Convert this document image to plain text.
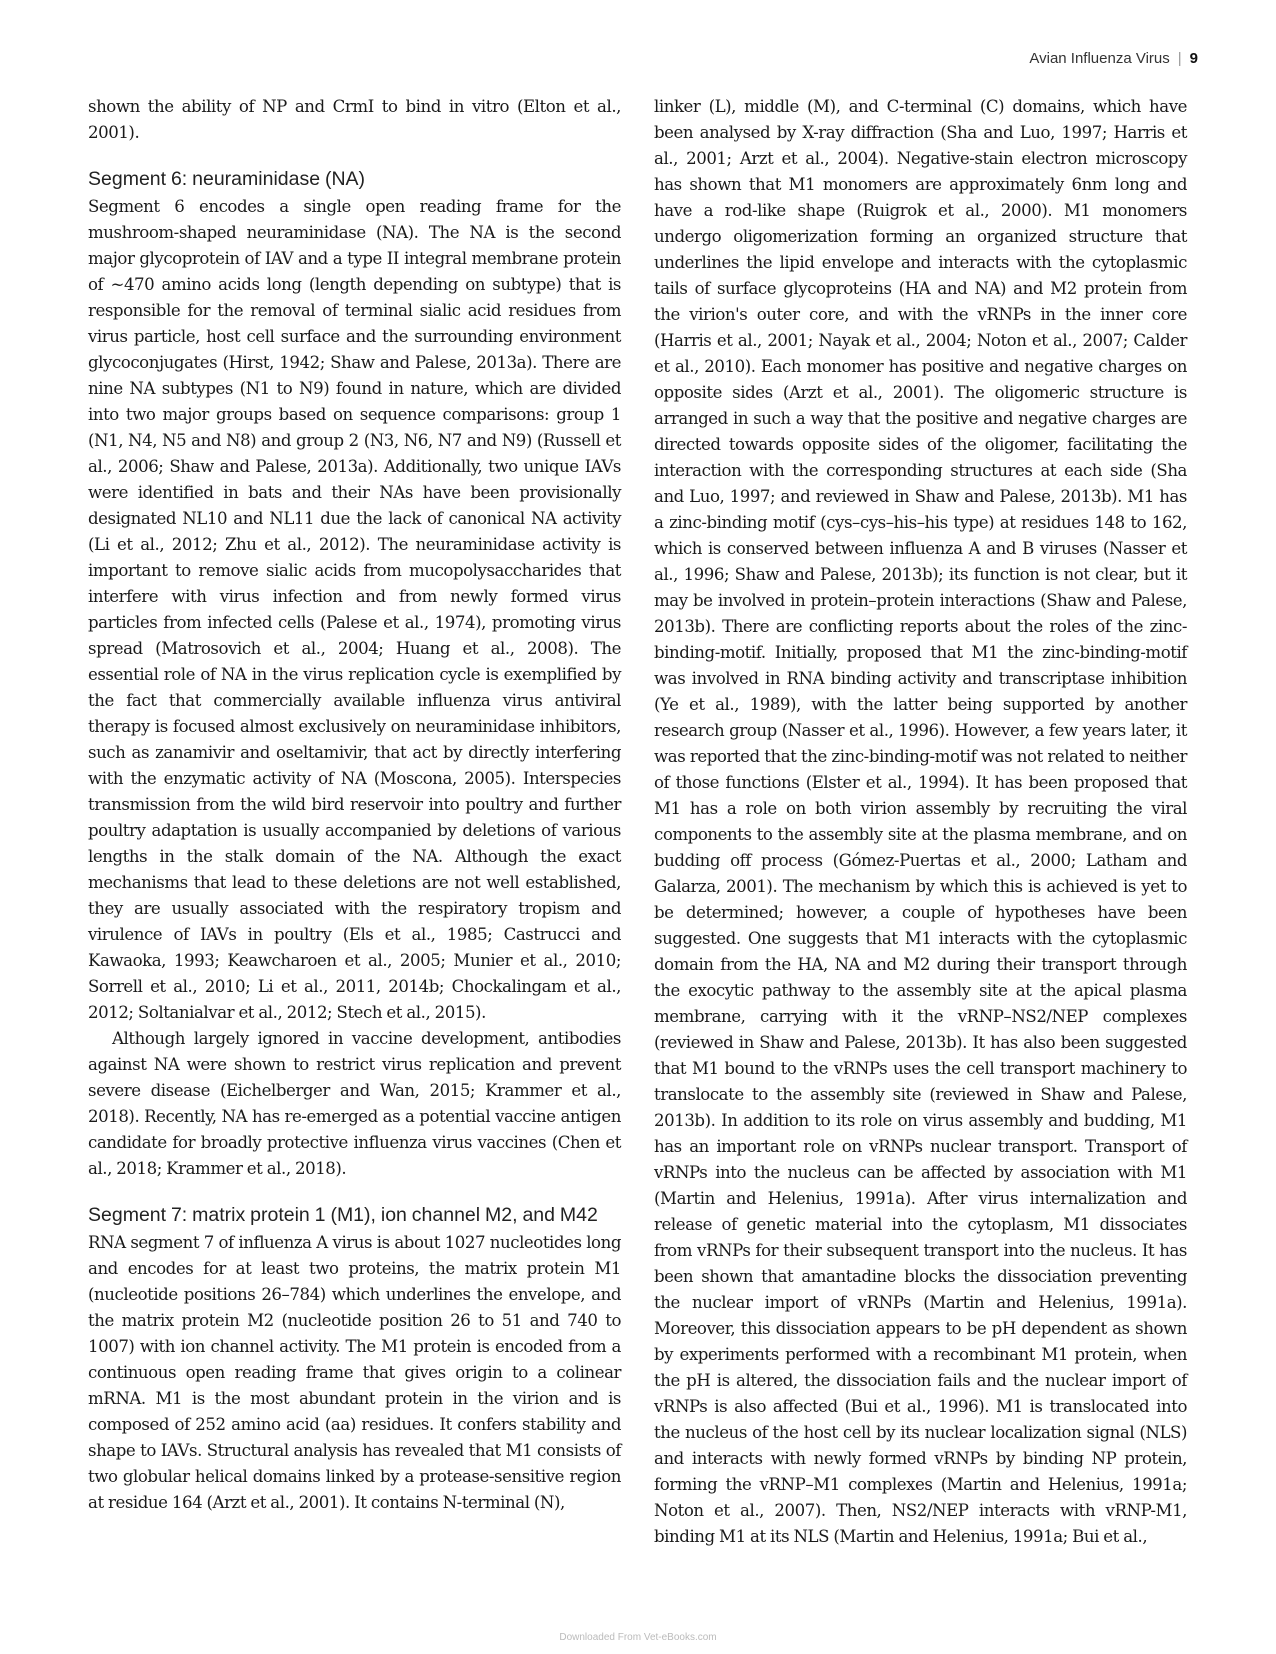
Avian Influenza Virus | 9

shown the ability of NP and CrmI to bind in vitro (Elton et al., 2001).

Segment 6: neuraminidase (NA)

Segment 6 encodes a single open reading frame for the mushroom-shaped neuraminidase (NA). The NA is the second major glycoprotein of IAV and a type II integral membrane protein of ~470 amino acids long (length depending on subtype) that is responsible for the removal of terminal sialic acid residues from virus particle, host cell surface and the surrounding environment glycoconjugates (Hirst, 1942; Shaw and Palese, 2013a). There are nine NA subtypes (N1 to N9) found in nature, which are divided into two major groups based on sequence comparisons: group 1 (N1, N4, N5 and N8) and group 2 (N3, N6, N7 and N9) (Russell et al., 2006; Shaw and Palese, 2013a). Additionally, two unique IAVs were identified in bats and their NAs have been provisionally designated NL10 and NL11 due the lack of canonical NA activity (Li et al., 2012; Zhu et al., 2012). The neuraminidase activity is important to remove sialic acids from mucopolysaccharides that interfere with virus infection and from newly formed virus particles from infected cells (Palese et al., 1974), promoting virus spread (Matrosovich et al., 2004; Huang et al., 2008). The essential role of NA in the virus replication cycle is exemplified by the fact that commercially available influenza virus antiviral therapy is focused almost exclusively on neuraminidase inhibitors, such as zanamivir and oseltamivir, that act by directly interfering with the enzymatic activity of NA (Moscona, 2005). Interspecies transmission from the wild bird reservoir into poultry and further poultry adaptation is usually accompanied by deletions of various lengths in the stalk domain of the NA. Although the exact mechanisms that lead to these deletions are not well established, they are usually associated with the respiratory tropism and virulence of IAVs in poultry (Els et al., 1985; Castrucci and Kawaoka, 1993; Keawcharoen et al., 2005; Munier et al., 2010; Sorrell et al., 2010; Li et al., 2011, 2014b; Chockalingam et al., 2012; Soltanialvar et al., 2012; Stech et al., 2015).

Although largely ignored in vaccine development, antibodies against NA were shown to restrict virus replication and prevent severe disease (Eichelberger and Wan, 2015; Krammer et al., 2018). Recently, NA has re-emerged as a potential vaccine antigen candidate for broadly protective influenza virus vaccines (Chen et al., 2018; Krammer et al., 2018).

Segment 7: matrix protein 1 (M1), ion channel M2, and M42

RNA segment 7 of influenza A virus is about 1027 nucleotides long and encodes for at least two proteins, the matrix protein M1 (nucleotide positions 26–784) which underlines the envelope, and the matrix protein M2 (nucleotide position 26 to 51 and 740 to 1007) with ion channel activity. The M1 protein is encoded from a continuous open reading frame that gives origin to a colinear mRNA. M1 is the most abundant protein in the virion and is composed of 252 amino acid (aa) residues. It confers stability and shape to IAVs. Structural analysis has revealed that M1 consists of two globular helical domains linked by a protease-sensitive region at residue 164 (Arzt et al., 2001). It contains N-terminal (N),

linker (L), middle (M), and C-terminal (C) domains, which have been analysed by X-ray diffraction (Sha and Luo, 1997; Harris et al., 2001; Arzt et al., 2004). Negative-stain electron microscopy has shown that M1 monomers are approximately 6nm long and have a rod-like shape (Ruigrok et al., 2000). M1 monomers undergo oligomerization forming an organized structure that underlines the lipid envelope and interacts with the cytoplasmic tails of surface glycoproteins (HA and NA) and M2 protein from the virion's outer core, and with the vRNPs in the inner core (Harris et al., 2001; Nayak et al., 2004; Noton et al., 2007; Calder et al., 2010). Each monomer has positive and negative charges on opposite sides (Arzt et al., 2001). The oligomeric structure is arranged in such a way that the positive and negative charges are directed towards opposite sides of the oligomer, facilitating the interaction with the corresponding structures at each side (Sha and Luo, 1997; and reviewed in Shaw and Palese, 2013b). M1 has a zinc-binding motif (cys–cys–his–his type) at residues 148 to 162, which is conserved between influenza A and B viruses (Nasser et al., 1996; Shaw and Palese, 2013b); its function is not clear, but it may be involved in protein–protein interactions (Shaw and Palese, 2013b). There are conflicting reports about the roles of the zinc-binding-motif. Initially, proposed that M1 the zinc-binding-motif was involved in RNA binding activity and transcriptase inhibition (Ye et al., 1989), with the latter being supported by another research group (Nasser et al., 1996). However, a few years later, it was reported that the zinc-binding-motif was not related to neither of those functions (Elster et al., 1994). It has been proposed that M1 has a role on both virion assembly by recruiting the viral components to the assembly site at the plasma membrane, and on budding off process (Gómez-Puertas et al., 2000; Latham and Galarza, 2001). The mechanism by which this is achieved is yet to be determined; however, a couple of hypotheses have been suggested. One suggests that M1 interacts with the cytoplasmic domain from the HA, NA and M2 during their transport through the exocytic pathway to the assembly site at the apical plasma membrane, carrying with it the vRNP–NS2/NEP complexes (reviewed in Shaw and Palese, 2013b). It has also been suggested that M1 bound to the vRNPs uses the cell transport machinery to translocate to the assembly site (reviewed in Shaw and Palese, 2013b). In addition to its role on virus assembly and budding, M1 has an important role on vRNPs nuclear transport. Transport of vRNPs into the nucleus can be affected by association with M1 (Martin and Helenius, 1991a). After virus internalization and release of genetic material into the cytoplasm, M1 dissociates from vRNPs for their subsequent transport into the nucleus. It has been shown that amantadine blocks the dissociation preventing the nuclear import of vRNPs (Martin and Helenius, 1991a). Moreover, this dissociation appears to be pH dependent as shown by experiments performed with a recombinant M1 protein, when the pH is altered, the dissociation fails and the nuclear import of vRNPs is also affected (Bui et al., 1996). M1 is translocated into the nucleus of the host cell by its nuclear localization signal (NLS) and interacts with newly formed vRNPs by binding NP protein, forming the vRNP–M1 complexes (Martin and Helenius, 1991a; Noton et al., 2007). Then, NS2/NEP interacts with vRNP-M1, binding M1 at its NLS (Martin and Helenius, 1991a; Bui et al.,

Downloaded From Vet-eBooks.com
